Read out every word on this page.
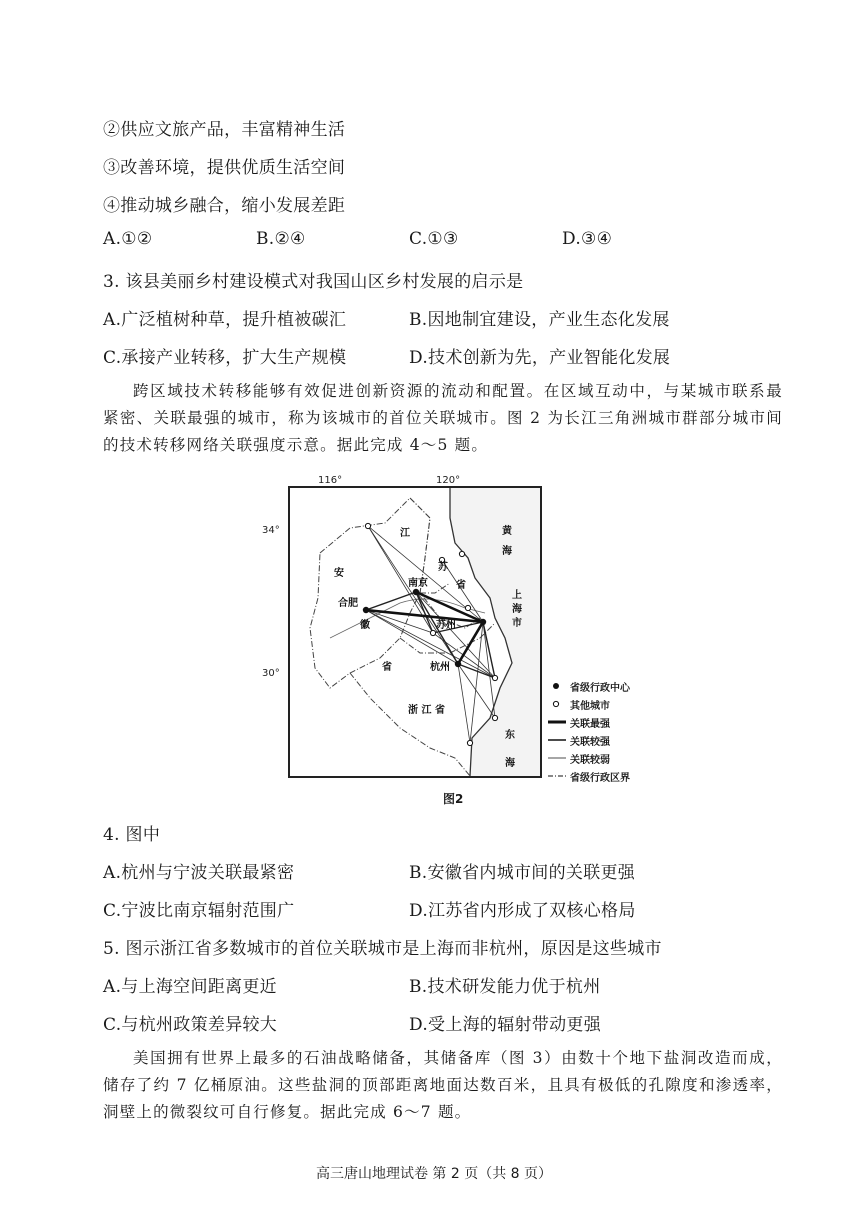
②供应文旅产品，丰富精神生活
③改善环境，提供优质生活空间
④推动城乡融合，缩小发展差距
A.①②	B.②④	C.①③	D.③④
3. 该县美丽乡村建设模式对我国山区乡村发展的启示是
A.广泛植树种草，提升植被碳汇	B.因地制宜建设，产业生态化发展
C.承接产业转移，扩大生产规模	D.技术创新为先，产业智能化发展
跨区域技术转移能够有效促进创新资源的流动和配置。在区域互动中，与某城市联系最紧密、关联最强的城市，称为该城市的首位关联城市。图 2 为长江三角洲城市群部分城市间的技术转移网络关联强度示意。据此完成 4～5 题。
116°	120°
34°
30°
江
苏
安
徽
省
浙 江 省
黄
海
东
海
上
海
市
合肥
南京
杭州
苏州
省
省级行政中心
其他城市
关联最强
关联较强
关联较弱
省级行政区界
图2
4. 图中
A.杭州与宁波关联最紧密	B.安徽省内城市间的关联更强
C.宁波比南京辐射范围广	D.江苏省内形成了双核心格局
5. 图示浙江省多数城市的首位关联城市是上海而非杭州，原因是这些城市
A.与上海空间距离更近	B.技术研发能力优于杭州
C.与杭州政策差异较大	D.受上海的辐射带动更强
美国拥有世界上最多的石油战略储备，其储备库（图 3）由数十个地下盐洞改造而成，储存了约 7 亿桶原油。这些盐洞的顶部距离地面达数百米，且具有极低的孔隙度和渗透率，洞壁上的微裂纹可自行修复。据此完成 6～7 题。
高三唐山地理试卷 第 2 页（共 8 页）
